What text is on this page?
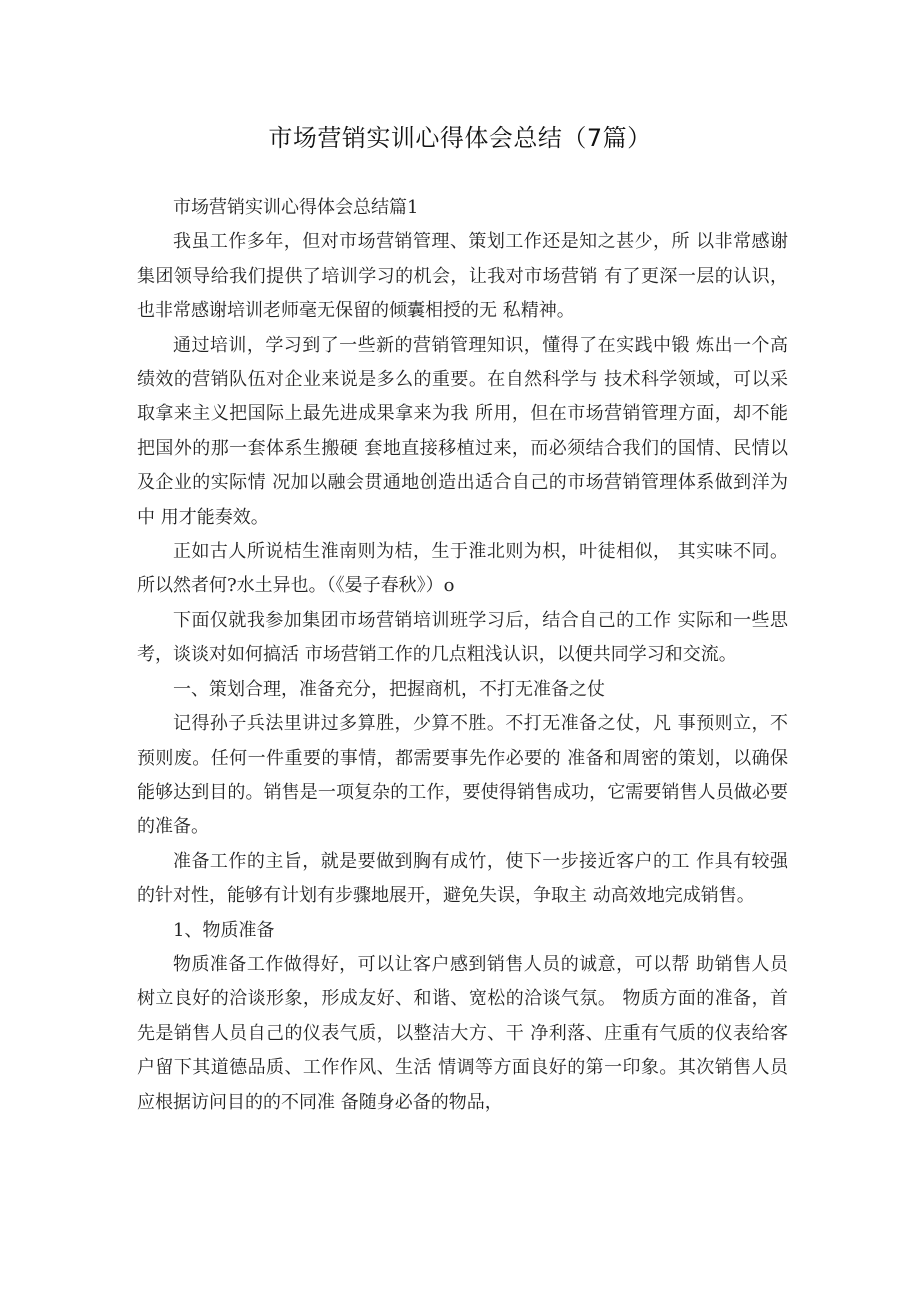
市场营销实训心得体会总结（7篇）

市场营销实训心得体会总结篇1

我虽工作多年，但对市场营销管理、策划工作还是知之甚少，所 以非常感谢集团领导给我们提供了培训学习的机会，让我对市场营销 有了更深一层的认识，也非常感谢培训老师毫无保留的倾囊相授的无 私精神。

通过培训，学习到了一些新的营销管理知识，懂得了在实践中锻 炼出一个高绩效的营销队伍对企业来说是多么的重要。在自然科学与 技术科学领域，可以采取拿来主义把国际上最先进成果拿来为我 所用，但在市场营销管理方面，却不能把国外的那一套体系生搬硬 套地直接移植过来，而必须结合我们的国情、民情以及企业的实际情 况加以融会贯通地创造出适合自己的市场营销管理体系做到洋为中 用才能奏效。

正如古人所说桔生淮南则为桔，生于淮北则为枳，叶徒相似， 其实味不同。所以然者何?水土异也。（《晏子春秋》）o

下面仅就我参加集团市场营销培训班学习后，结合自己的工作 实际和一些思考，谈谈对如何搞活 市场营销工作的几点粗浅认识，以便共同学习和交流。

一、策划合理，准备充分，把握商机，不打无准备之仗

记得孙子兵法里讲过多算胜，少算不胜。不打无准备之仗，凡 事预则立，不预则废。任何一件重要的事情，都需要事先作必要的 准备和周密的策划，以确保能够达到目的。销售是一项复杂的工作，要使得销售成功，它需要销售人员做必要的准备。

准备工作的主旨，就是要做到胸有成竹，使下一步接近客户的工 作具有较强的针对性，能够有计划有步骤地展开，避免失误，争取主 动高效地完成销售。

1、物质准备

物质准备工作做得好，可以让客户感到销售人员的诚意，可以帮 助销售人员树立良好的洽谈形象，形成友好、和谐、宽松的洽谈气氛。 物质方面的准备，首先是销售人员自己的仪表气质，以整洁大方、干 净利落、庄重有气质的仪表给客户留下其道德品质、工作作风、生活 情调等方面良好的第一印象。其次销售人员应根据访问目的的不同准 备随身必备的物品，
